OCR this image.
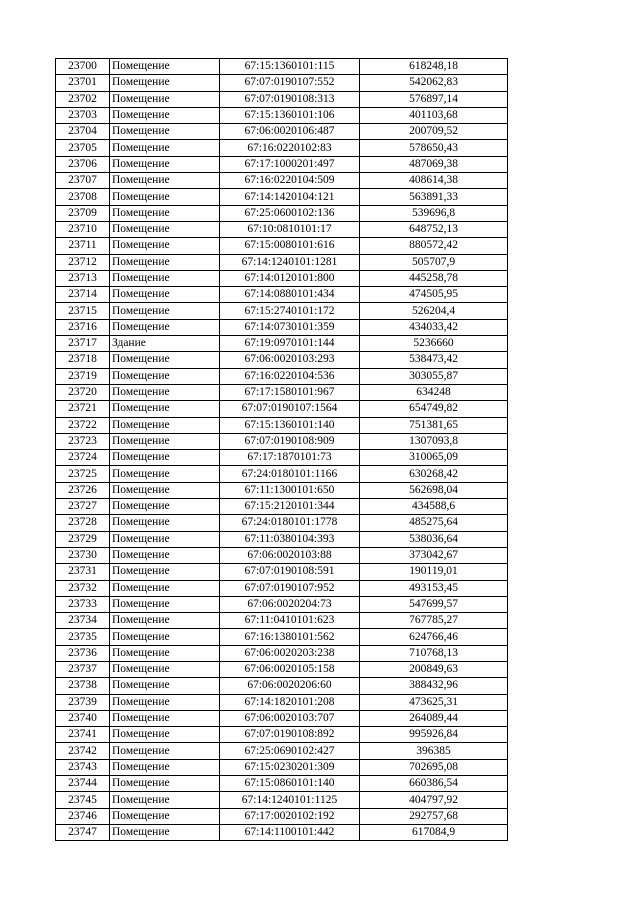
23700	Помещение	67:15:1360101:115	618248,18
23701	Помещение	67:07:0190107:552	542062,83
23702	Помещение	67:07:0190108:313	576897,14
23703	Помещение	67:15:1360101:106	401103,68
23704	Помещение	67:06:0020106:487	200709,52
23705	Помещение	67:16:0220102:83	578650,43
23706	Помещение	67:17:1000201:497	487069,38
23707	Помещение	67:16:0220104:509	408614,38
23708	Помещение	67:14:1420104:121	563891,33
23709	Помещение	67:25:0600102:136	539696,8
23710	Помещение	67:10:0810101:17	648752,13
23711	Помещение	67:15:0080101:616	880572,42
23712	Помещение	67:14:1240101:1281	505707,9
23713	Помещение	67:14:0120101:800	445258,78
23714	Помещение	67:14:0880101:434	474505,95
23715	Помещение	67:15:2740101:172	526204,4
23716	Помещение	67:14:0730101:359	434033,42
23717	Здание	67:19:0970101:144	5236660
23718	Помещение	67:06:0020103:293	538473,42
23719	Помещение	67:16:0220104:536	303055,87
23720	Помещение	67:17:1580101:967	634248
23721	Помещение	67:07:0190107:1564	654749,82
23722	Помещение	67:15:1360101:140	751381,65
23723	Помещение	67:07:0190108:909	1307093,8
23724	Помещение	67:17:1870101:73	310065,09
23725	Помещение	67:24:0180101:1166	630268,42
23726	Помещение	67:11:1300101:650	562698,04
23727	Помещение	67:15:2120101:344	434588,6
23728	Помещение	67:24:0180101:1778	485275,64
23729	Помещение	67:11:0380104:393	538036,64
23730	Помещение	67:06:0020103:88	373042,67
23731	Помещение	67:07:0190108:591	190119,01
23732	Помещение	67:07:0190107:952	493153,45
23733	Помещение	67:06:0020204:73	547699,57
23734	Помещение	67:11:0410101:623	767785,27
23735	Помещение	67:16:1380101:562	624766,46
23736	Помещение	67:06:0020203:238	710768,13
23737	Помещение	67:06:0020105:158	200849,63
23738	Помещение	67:06:0020206:60	388432,96
23739	Помещение	67:14:1820101:208	473625,31
23740	Помещение	67:06:0020103:707	264089,44
23741	Помещение	67:07:0190108:892	995926,84
23742	Помещение	67:25:0690102:427	396385
23743	Помещение	67:15:0230201:309	702695,08
23744	Помещение	67:15:0860101:140	660386,54
23745	Помещение	67:14:1240101:1125	404797,92
23746	Помещение	67:17:0020102:192	292757,68
23747	Помещение	67:14:1100101:442	617084,9
